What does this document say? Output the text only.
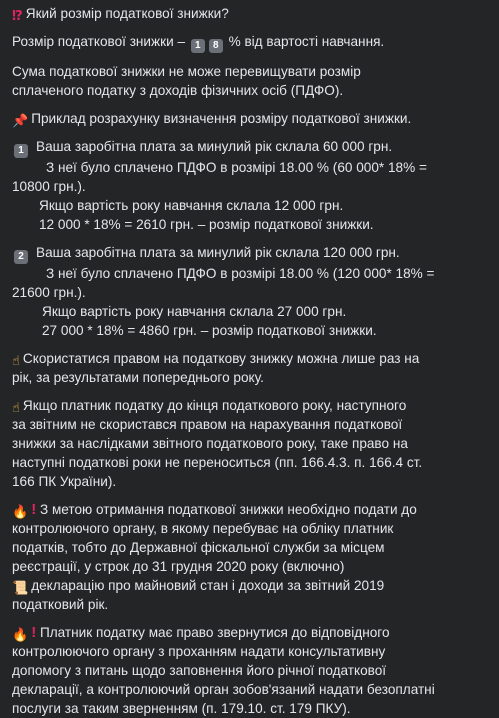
⁉ Який розмір податкової знижки?
Розмір податкової знижки – 1 8 % від вартості навчання.
Сума податкової знижки не може перевищувати розмір
сплаченого податку з доходів фізичних осіб (ПДФО).
📌 Приклад розрахунку визначення розміру податкової знижки.
1 Ваша заробітна плата за минулий рік склала 60 000 грн.
З неї було сплачено ПДФО в розмірі 18.00 % (60 000* 18% =
10800 грн.).
Якщо вартість року навчання склала 12 000 грн.
12 000 * 18% = 2610 грн. – розмір податкової знижки.
2 Ваша заробітна плата за минулий рік склала 120 000 грн.
З неї було сплачено ПДФО в розмірі 18.00 % (120 000* 18% =
21600 грн.).
Якщо вартість року навчання склала 27 000 грн.
27 000 * 18% = 4860 грн. – розмір податкової знижки.
☝ Скористатися правом на податкову знижку можна лише раз на
рік, за результатами попереднього року.
☝ Якщо платник податку до кінця податкового року, наступного
за звітним не скористався правом на нарахування податкової
знижки за наслідками звітного податкового року, таке право на
наступні податкові роки не переноситься (пп. 166.4.3. п. 166.4 ст.
166 ПК України).
🔥 ! З метою отримання податкової знижки необхідно подати до
контролюючого органу, в якому перебуває на обліку платник
податків, тобто до Державної фіскальної служби за місцем
реєстрації, у строк до 31 грудня 2020 року (включно)
📜 декларацію про майновий стан і доходи за звітний 2019
податковий рік.
🔥 ! Платник податку має право звернутися до відповідного
контролюючого органу з проханням надати консультативну
допомогу з питань щодо заповнення його річної податкової
декларації, а контролюючий орган зобов'язаний надати безоплатні
послуги за таким зверненням (п. 179.10. ст. 179 ПКУ).
